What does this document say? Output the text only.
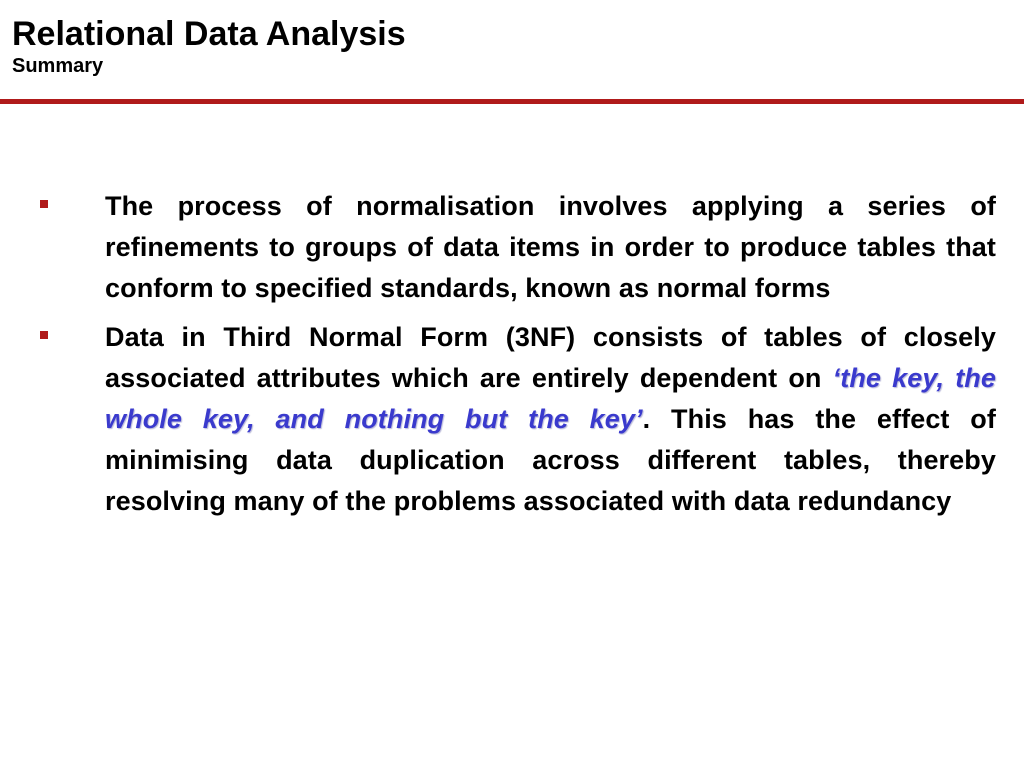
Relational Data Analysis
Summary
The process of normalisation involves applying a series of refinements to groups of data items in order to produce tables that conform to specified standards, known as normal forms
Data in Third Normal Form (3NF) consists of tables of closely associated attributes which are entirely dependent on ‘the key, the whole key, and nothing but the key’. This has the effect of minimising data duplication across different tables, thereby resolving many of the problems associated with data redundancy
